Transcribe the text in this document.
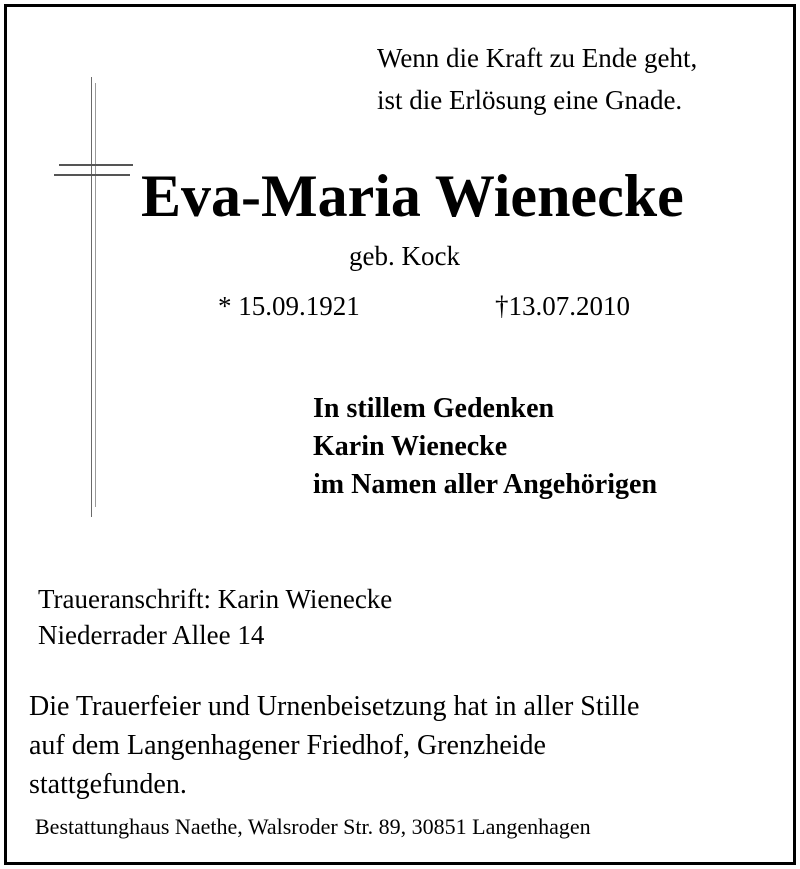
Wenn die Kraft zu Ende geht,
ist die Erlösung eine Gnade.
Eva-Maria Wienecke
geb. Kock
* 15.09.1921	†13.07.2010
In stillem Gedenken
Karin Wienecke
im Namen aller Angehörigen
Traueranschrift: Karin Wienecke
Niederrader Allee 14
Die Trauerfeier und Urnenbeisetzung hat in aller Stille
auf dem Langenhagener Friedhof, Grenzheide
stattgefunden.
Bestattunghaus Naethe, Walsroder Str. 89, 30851 Langenhagen
